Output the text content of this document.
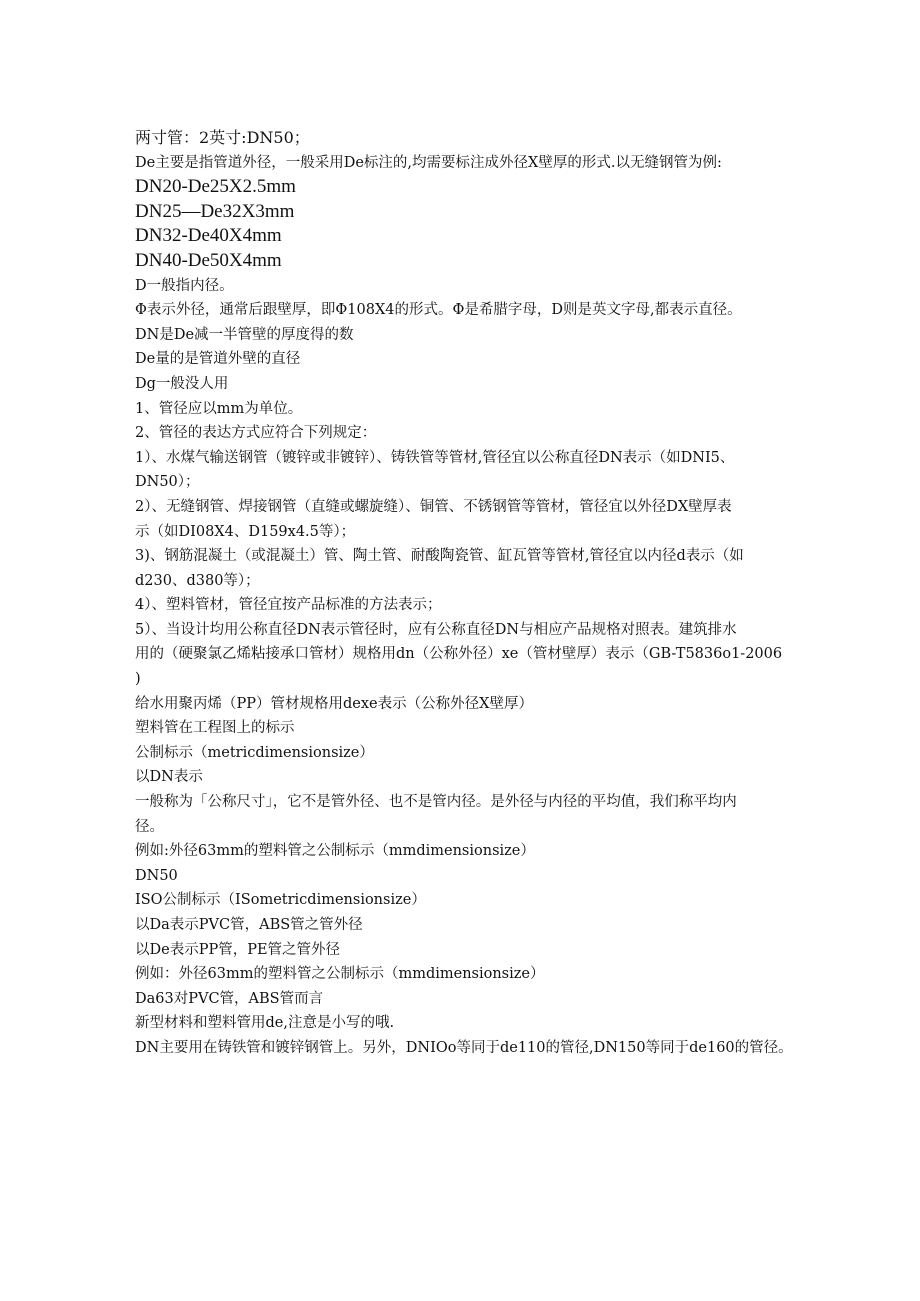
两寸管：2英寸:DN50；
De主要是指管道外径，一般采用De标注的,均需要标注成外径X壁厚的形式.以无缝钢管为例:
DN20-De25X2.5mm
DN25—De32X3mm
DN32-De40X4mm
DN40-De50X4mm
D一般指内径。
Φ表示外径，通常后跟壁厚，即Φ108X4的形式。Φ是希腊字母，D则是英文字母,都表示直径。
DN是De减一半管壁的厚度得的数
De量的是管道外壁的直径
Dg一般没人用
1、管径应以mm为单位。
2、管径的表达方式应符合下列规定：
1）、水煤气输送钢管（镀锌或非镀锌）、铸铁管等管材,管径宜以公称直径DN表示（如DNI5、
DN50）；
2）、无缝钢管、焊接钢管（直缝或螺旋缝）、铜管、不锈钢管等管材，管径宜以外径DX壁厚表
示（如DI08X4、D159x4.5等）；
3)、钢筋混凝土（或混凝土）管、陶土管、耐酸陶瓷管、缸瓦管等管材,管径宜以内径d表示（如
d230、d380等）；
4）、塑料管材，管径宜按产品标准的方法表示；
5）、当设计均用公称直径DN表示管径时，应有公称直径DN与相应产品规格对照表。建筑排水
用的（硬聚氯乙烯粘接承口管材）规格用dn（公称外径）xe（管材壁厚）表示（GB-T5836o1-2006
)
给水用聚丙烯（PP）管材规格用dexe表示（公称外径X壁厚）
塑料管在工程图上的标示
公制标示（metricdimensionsize）
以DN表示
一般称为「公称尺寸」，它不是管外径、也不是管内径。是外径与内径的平均值，我们称平均内
径。
例如:外径63mm的塑料管之公制标示（mmdimensionsize）
DN50
ISO公制标示（ISometricdimensionsize）
以Da表示PVC管，ABS管之管外径
以De表示PP管，PE管之管外径
例如：外径63mm的塑料管之公制标示（mmdimensionsize）
Da63对PVC管，ABS管而言
新型材料和塑料管用de,注意是小写的哦.
DN主要用在铸铁管和镀锌钢管上。另外，DNIOo等同于de110的管径,DN150等同于de160的管径。
